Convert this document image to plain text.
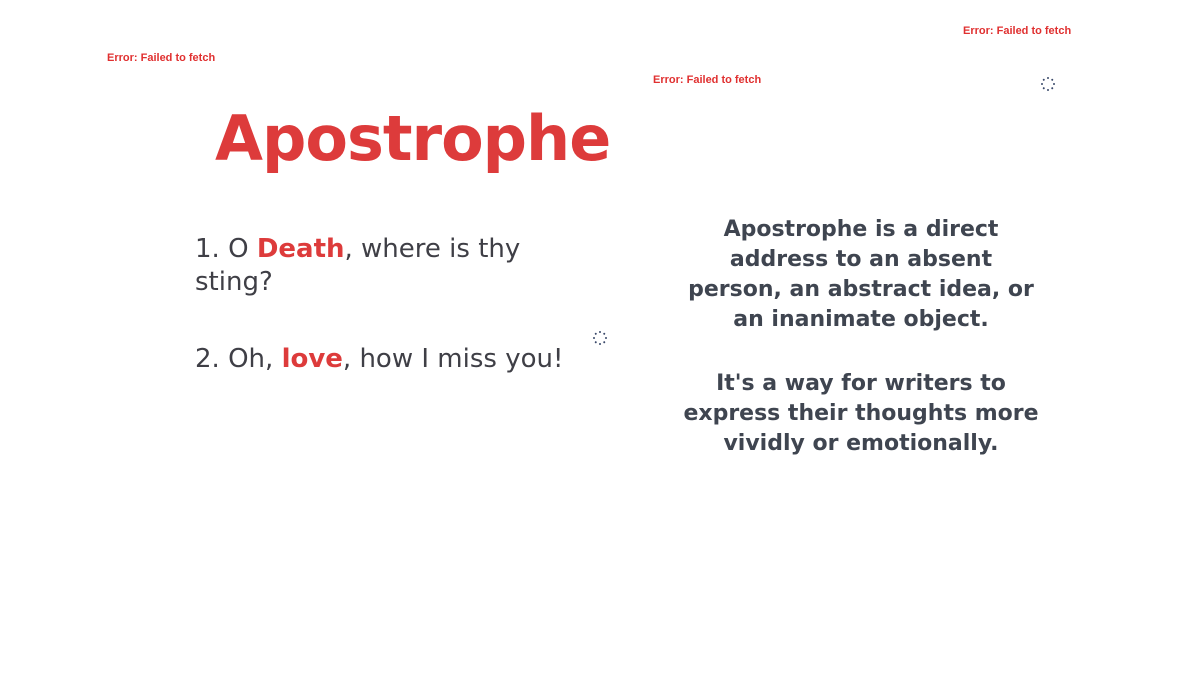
Error: Failed to fetch
Error: Failed to fetch
Error: Failed to fetch
Apostrophe
1. O Death, where is thy sting?
2. Oh, love, how I miss you!

Apostrophe is a direct address to an absent person, an abstract idea, or an inanimate object.

It's a way for writers to express their thoughts more vividly or emotionally.
